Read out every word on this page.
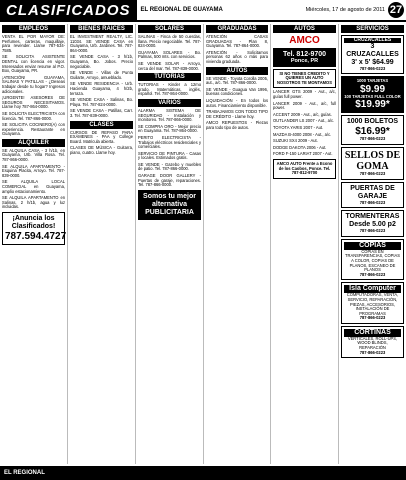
CLASIFICADOS	EL REGIONAL DE GUAYAMA	Miércoles, 17 de agosto de 2011 27
EMPLEOS

VENTA EL POR MAYOR DE: Perfumes, carteras, maquillaje, para revender. Llame 787-534-7585.

SE SOLICITA ASISTENTE DENTAL con licencia en vigor. Interesados enviar resume al P.O. Box, Guayama, PR.

¡ATENCIÓN! GUAYAMA, SALINAS Y PATILLAS - ¿Deseas trabajar desde tu hogar? Ingresos adicionales.

¡URGENTE! ASESORES DE SEGUROS NECESITAMOS. Llame hoy 787-864-0000.

SE SOLICITA ELECTRICISTA con licencia. Tel. 787-866-0000.

SE SOLICITA COCINERO(A) con experiencia. Restaurante en Guayama.

ALQUILER

SE ALQUILA CASA - 3 h/1b, en Guayama, Urb. Villa Rosa. Tel. 787-866-0000.

SE ALQUILA APARTAMENTO - Esquina Placita, Arroyo. Tel. 787-839-0000.

SE ALQUILA LOCAL COMERCIAL en Guayama, amplio estacionamiento.

SE ALQUILA APARTAMENTO en Salinas, 2 h/1b, agua y luz incluidas.

¡Anuncia los Clasificados!
787.594.4727
BIENES RAICES

EL INVESTMENT REALTY, LIC. 11034. SE VENDE CASA en Guayama, Urb. Jardines. Tel. 787-864-0000.

SE VENDE CASA - 3 h/1b, Guayama, Bo. Jobos. Precio negociable.

SE VENDE - Villas de Punta Guilarte, Arroyo, amueblado.

SE VENDE RESIDENCIA - Urb. Hacienda Guayama, 4 h/2b, terraza.

SE VENDE CASA - Salinas, Bo. Playa. Tel. 787-824-0000.

SE VENDE CASA - Patillas, Carr. 3. Tel. 787-839-0000.

CLASES

CURSOS DE REPASO PARA EXÁMENES - PAA y College Board. Matricula abierta.

CLASES DE MÚSICA - Guitarra, piano, cuatro. Llame hoy.

SOLARES

SALINAS - Finca de 50 cuerdas, llana. Precio negociable. Tel. 787-824-0000.

GUAYAMA SOLARES - Bo. Palmas, 500 mts. con servicios.

SE VENDE SOLAR - Arroyo, cerca del mar. Tel. 787-839-0000.

TUTORIAS

TUTORIAS - Kinder a 12mo grado. Matemáticas, inglés, español. Tel. 787-864-0000.

VARIOS

ALARMA SISTEMA DE SEGURIDAD - Instalación y monitoreo. Tel. 787-866-0000.

SE COMPRA ORO - Mejor precio en Guayama. Tel. 787-864-0000.

PERITO ELECTRICISTA - Trabajos eléctricos residenciales y comerciales.

SERVICIO DE PINTURA - Casas y locales. Estimados gratis.

SE VENDE - Gazebo y muebles de patio. Tel. 787-866-0000.

GARAGE DOOR GALLERY - Puertas de garaje, reparaciones. Tel. 787-866-0000.

Somos tu mejor alternativa PUBLICITARIA
GRADUADAS

ATENCIÓN CASAS GRADUADAS - Plan 8, Guayama. Tel. 787-864-0000.

ATENCIÓN - Solicitamos personas 62 años o más para vivienda graduada.

AUTOS

SE VENDE - Toyota Corolla 2005, aut., a/c. Tel. 787-866-0000.

SE VENDE - Guagua Van 1996, buenas condiciones.

LIQUIDACIÓN - En todos los autos. Financiamiento disponible.

TRABAJAMOS CON TODO TIPO DE CRÉDITO - Llame hoy.

AMCO REPUESTOS - Piezas para todo tipo de autos.

AUTOS
AMCO
Tel. 812-9700
Ponce, PR
SI NO TIENES CREDITO Y QUIERES UN AUTO NOSOTROS TE MONTAMOS

LANCER GTS 2009 - Aut., a/c, guías full power.

LANCER 2009 - Aut., a/c, full power.

ACCENT 2009 - Aut., a/c, guías.

OUTLANDER LS 2007 - Aut., a/c.

TOYOTA YARIS 2007 - Aut.

MAZDA B-4000 2008 - Aut., a/c.

SUZUKI SX4 2009 - Aut.

DODGE DAKOTA 2006 - Aut.

FORD F-150 LARIAT 2007 - Aut.

AMCO AUTO Frente a Econo de los Caobos, Ponce. Tel. 787-812-9700
SERVICIOS
CRUZACALLES
3 CRUZACALLES
3' x 5' $64.99
787-866-0223
1000 TARJETAS
$9.99
100 TARJETAS FULL COLOR
$19.99*
1000 BOLETOS
$16.99*
787-866-0223
SELLOS DE GOMA
787-866-0223
PUERTAS DE GARAJE
787-866-0223
TORMENTERAS
Desde 5.00 p2
787-866-0223
COPIAS
COPIAS EN TRANSPARENCIAS, COPIAS A COLOR, COPIAS DE PLANOS, ESCANEO DE PLANOS
787-866-0223
Isla Computer
COMPUTADORAS, VENTA, SERVICIO, REPARACIÓN, PIEZAS, ACCESORIOS, INSTALACIÓN DE PROGRAMAS
787-866-0223
CORTINAS
VERTICALES, ROLL-UPS, WOOD BLINDS, REPARACIÓN
787-866-0223
EL REGIONAL
